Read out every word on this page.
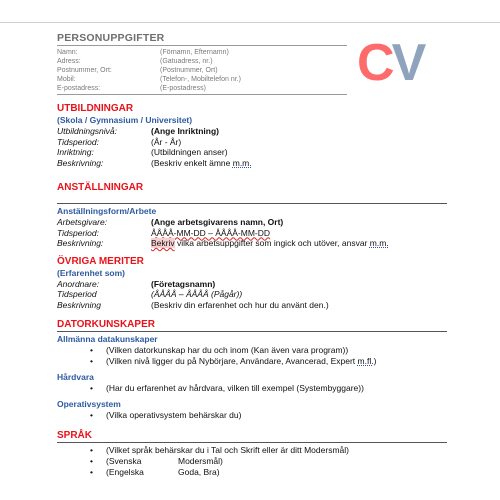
PERSONUPPGIFTER
Namn:	(Förnamn, Efternamn)
Adress:	(Gatuadress, nr.)
Postnummer, Ort:	(Postnummer, Ort)
Mobil:	(Telefon-, Mobiltelefon nr.)
E-postadress:	(E-postadress)	CV
UTBILDNINGAR
(Skola / Gymnasium / Universitet)
Utbildningsnivå:	(Ange Inriktning)
Tidsperiod:	(År - År)
Inriktning:	(Utbildningen anser)
Beskrivning:	(Beskriv enkelt ämne m.m.
ANSTÄLLNINGAR
Anställningsform/Arbete
Arbetsgivare:	(Ange arbetsgivarens namn, Ort)
Tidsperiod:	ÅÅÅÅ-MM-DD – ÅÅÅÅ-MM-DD
Beskrivning:	Bekriv vilka arbetsuppgifter som ingick och utöver, ansvar m.m.
ÖVRIGA MERITER
(Erfarenhet som)
Anordnare:	(Företagsnamn)
Tidsperiod	(ÅÅÅÅ – ÅÅÅÅ (Pågår))
Beskrivning	(Beskriv din erfarenhet och hur du använt den.)
DATORKUNSKAPER
Allmänna datakunskaper
•	(Vilken datorkunskap har du och inom (Kan även vara program))
•	(Vilken nivå ligger du på Nybörjare, Användare, Avancerad, Expert m.fl.)
Hårdvara
•	(Har du erfarenhet av hårdvara, vilken till exempel (Systembyggare))
Operativsystem
•	(Vilka operativsystem behärskar du)
SPRÅK
•	(Vilket språk behärskar du i Tal och Skrift eller är ditt Modersmål)
•	(Svenska	Modersmål)
•	(Engelska	Goda, Bra)
